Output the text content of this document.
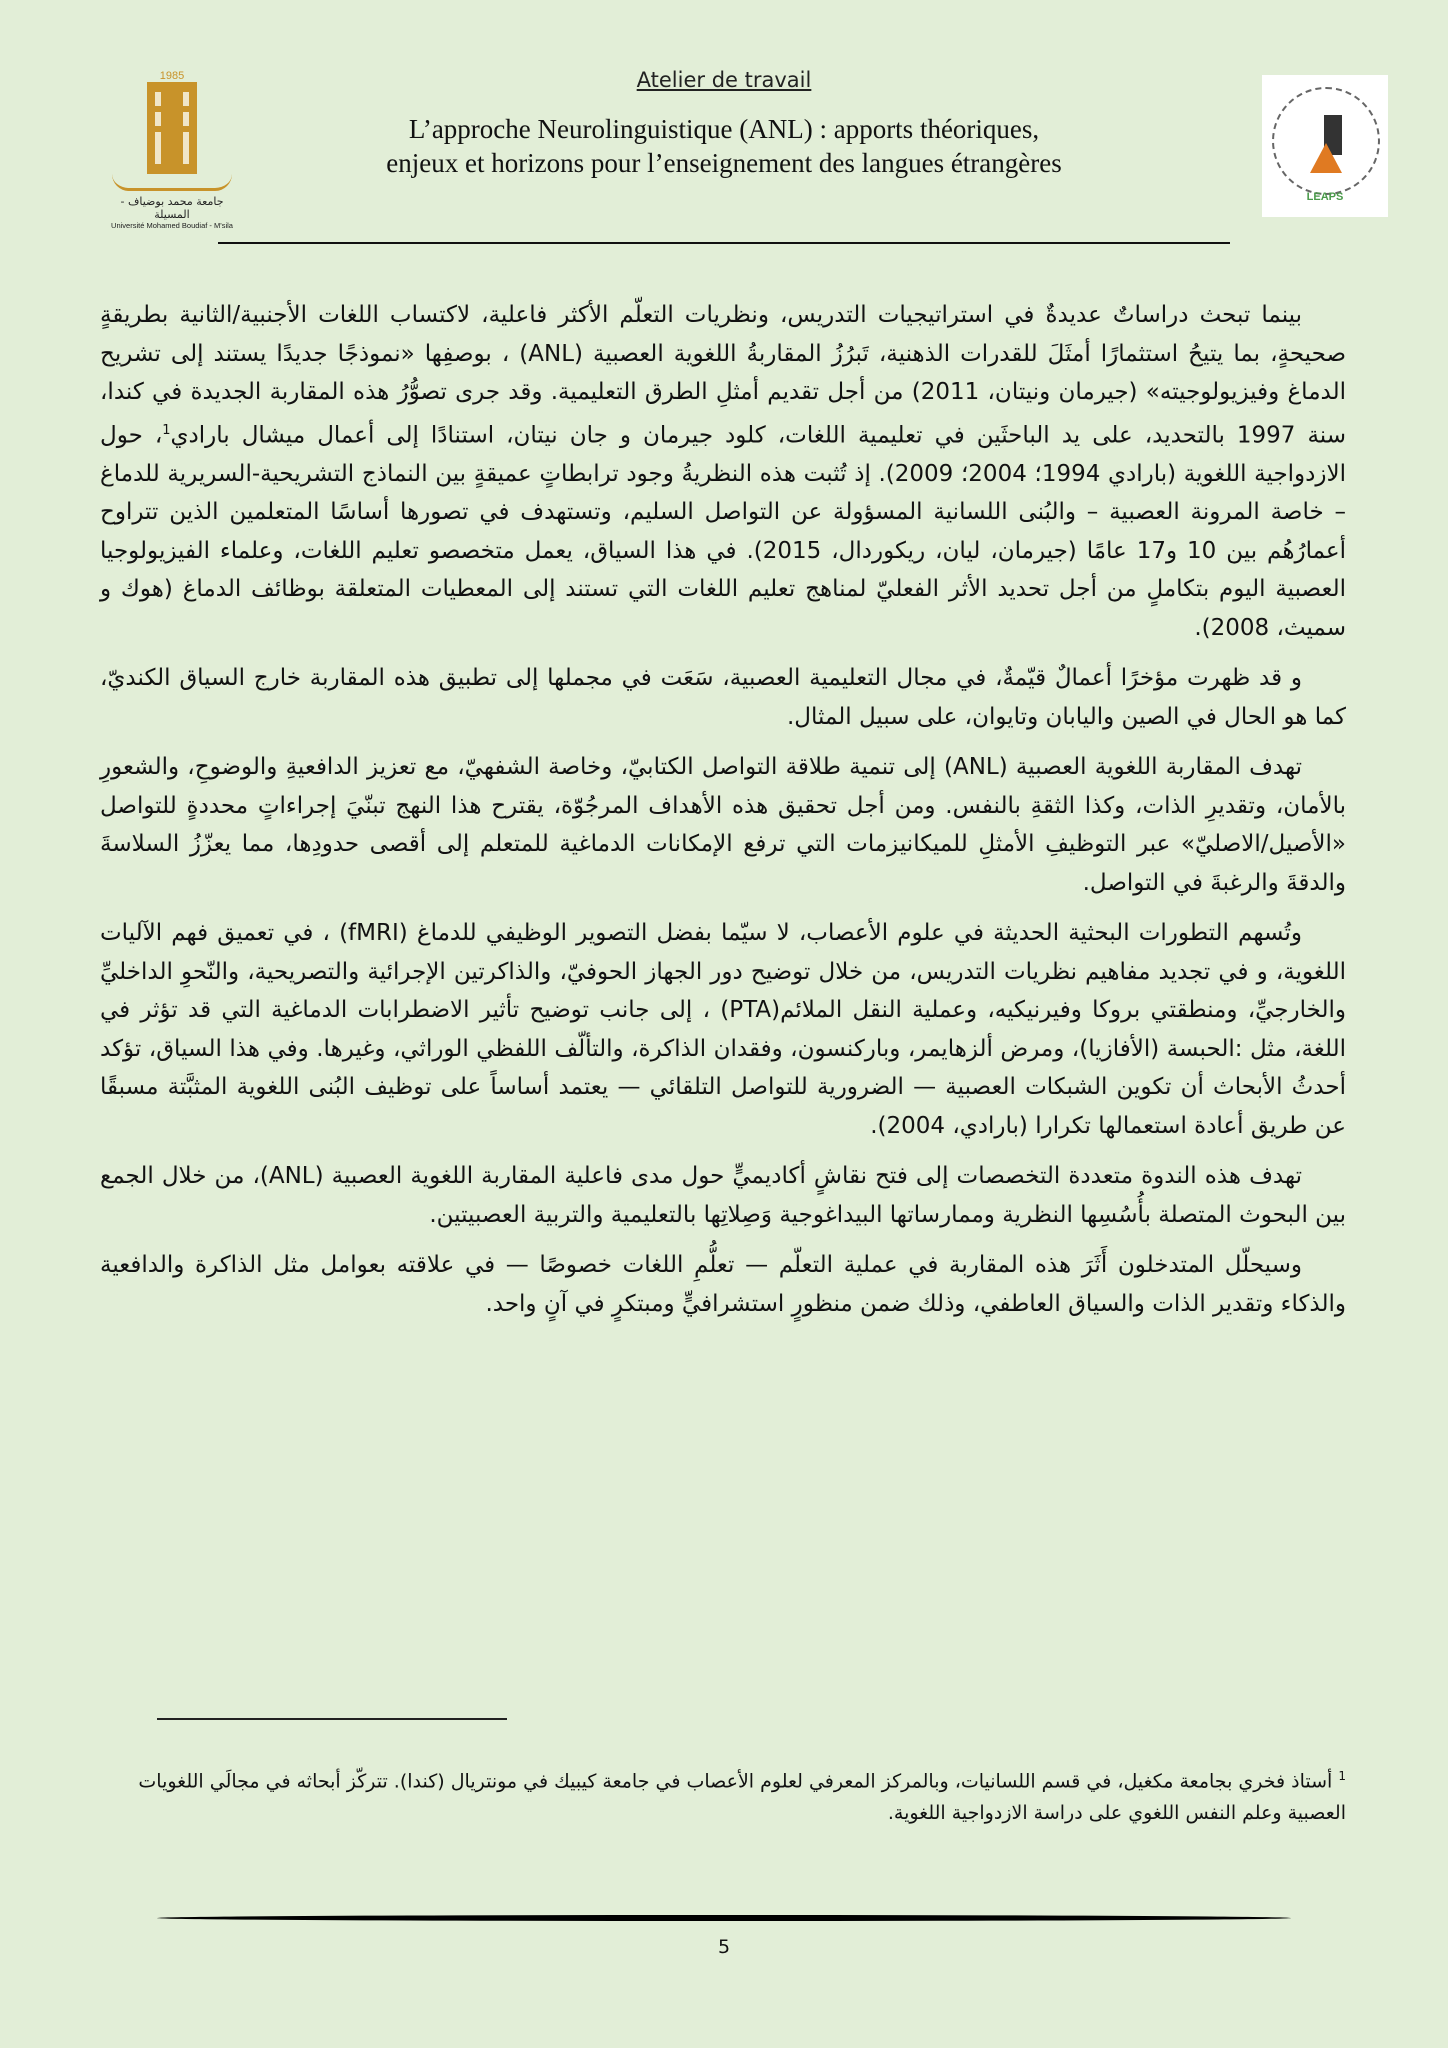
1985
جامعة محمد بوضياف - المسيلة
Université Mohamed Boudiaf - M'sila
Atelier de travail
L’approche Neurolinguistique (ANL) : apports théoriques,
enjeux et horizons pour l’enseignement des langues étrangères
LEAPS

بينما تبحث دراساتٌ عديدةٌ في استراتيجيات التدريس، ونظريات التعلّم الأكثر فاعلية، لاكتساب اللغات الأجنبية/الثانية بطريقةٍ صحيحةٍ، بما يتيحُ استثمارًا أمثَلَ للقدرات الذهنية، تَبرُزُ المقاربةُ اللغوية العصبية (ANL) ، بوصفِها «نموذجًا جديدًا يستند إلى تشريح الدماغ وفيزيولوجيته» (جيرمان ونيتان، 2011) من أجل تقديم أمثلِ الطرق التعليمية. وقد جرى تصوُّرُ هذه المقاربة الجديدة في كندا، سنة 1997 بالتحديد، على يد الباحثَين في تعليمية اللغات، كلود جيرمان و جان نيتان، استنادًا إلى أعمال ميشال بارادي$^1$، حول الازدواجية اللغوية (بارادي 1994؛ 2004؛ 2009). إذ تُثبت هذه النظريةُ وجود ترابطاتٍ عميقةٍ بين النماذج التشريحية-السريرية للدماغ – خاصة المرونة العصبية – والبُنى اللسانية المسؤولة عن التواصل السليم، وتستهدف في تصورها أساسًا المتعلمين الذين تتراوح أعمارُهُم بين 10 و17 عامًا (جيرمان، ليان، ريكوردال، 2015). في هذا السياق، يعمل متخصصو تعليم اللغات، وعلماء الفيزيولوجيا العصبية اليوم بتكاملٍ من أجل تحديد الأثر الفعليّ لمناهج تعليم اللغات التي تستند إلى المعطيات المتعلقة بوظائف الدماغ (هوك و سميث، 2008).

و قد ظهرت مؤخرًا أعمالٌ قيّمةٌ، في مجال التعليمية العصبية، سَعَت في مجملها إلى تطبيق هذه المقاربة خارج السياق الكنديّ، كما هو الحال في الصين واليابان وتايوان، على سبيل المثال.

تهدف المقاربة اللغوية العصبية (ANL) إلى تنمية طلاقة التواصل الكتابيّ، وخاصة الشفهيّ، مع تعزيز الدافعيةِ والوضوحِ، والشعورِ بالأمان، وتقديرِ الذات، وكذا الثقةِ بالنفس. ومن أجل تحقيق هذه الأهداف المرجُوّة، يقترح هذا النهج تبنّيَ إجراءاتٍ محددةٍ للتواصل «الأصيل/الاصليّ» عبر التوظيفِ الأمثلِ للميكانيزمات التي ترفع الإمكانات الدماغية للمتعلم إلى أقصى حدودِها، مما يعزّزُ السلاسةَ والدقةَ والرغبةَ في التواصل.

وتُسهم التطورات البحثية الحديثة في علوم الأعصاب، لا سيّما بفضل التصوير الوظيفي للدماغ (fMRI) ، في تعميق فهم الآليات اللغوية، و في تجديد مفاهيم نظريات التدريس، من خلال توضيح دور الجهاز الحوفيّ، والذاكرتين الإجرائية والتصريحية، والنّحوِ الداخليِّ والخارجيِّ، ومنطقتي بروكا وفيرنيكيه، وعملية النقل الملائم(PTA) ، إلى جانب توضيح تأثير الاضطرابات الدماغية التي قد تؤثر في اللغة، مثل :الحبسة (الأفازيا)، ومرض ألزهايمر، وباركنسون، وفقدان الذاكرة، والتألّف اللفظي الوراثي، وغيرها. وفي هذا السياق، تؤكد أحدثُ الأبحاث أن تكوين الشبكات العصبية — الضرورية للتواصل التلقائي — يعتمد أساساً على توظيف البُنى اللغوية المثبَّتة مسبقًا عن طريق أعادة استعمالها تكرارا (بارادي، 2004).

تهدف هذه الندوة متعددة التخصصات إلى فتح نقاشٍ أكاديميٍّ حول مدى فاعلية المقاربة اللغوية العصبية (ANL)، من خلال الجمع بين البحوث المتصلة بأُسُسِها النظرية وممارساتها البيداغوجية وَصِلاتِها بالتعليمية والتربية العصبيتين.

وسيحلّل المتدخلون أَثَرَ هذه المقاربة في عملية التعلّم — تعلُّمِ اللغات خصوصًا — في علاقته بعوامل مثل الذاكرة والدافعية والذكاء وتقدير الذات والسياق العاطفي، وذلك ضمن منظورٍ استشرافيٍّ ومبتكرٍ في آنٍ واحد.

$^1$ أستاذ فخري بجامعة مكغيل، في قسم اللسانيات، وبالمركز المعرفي لعلوم الأعصاب في جامعة كيبيك في مونتريال (كندا). تتركّز أبحاثه في مجالَي اللغويات العصبية وعلم النفس اللغوي على دراسة الازدواجية اللغوية.
5
